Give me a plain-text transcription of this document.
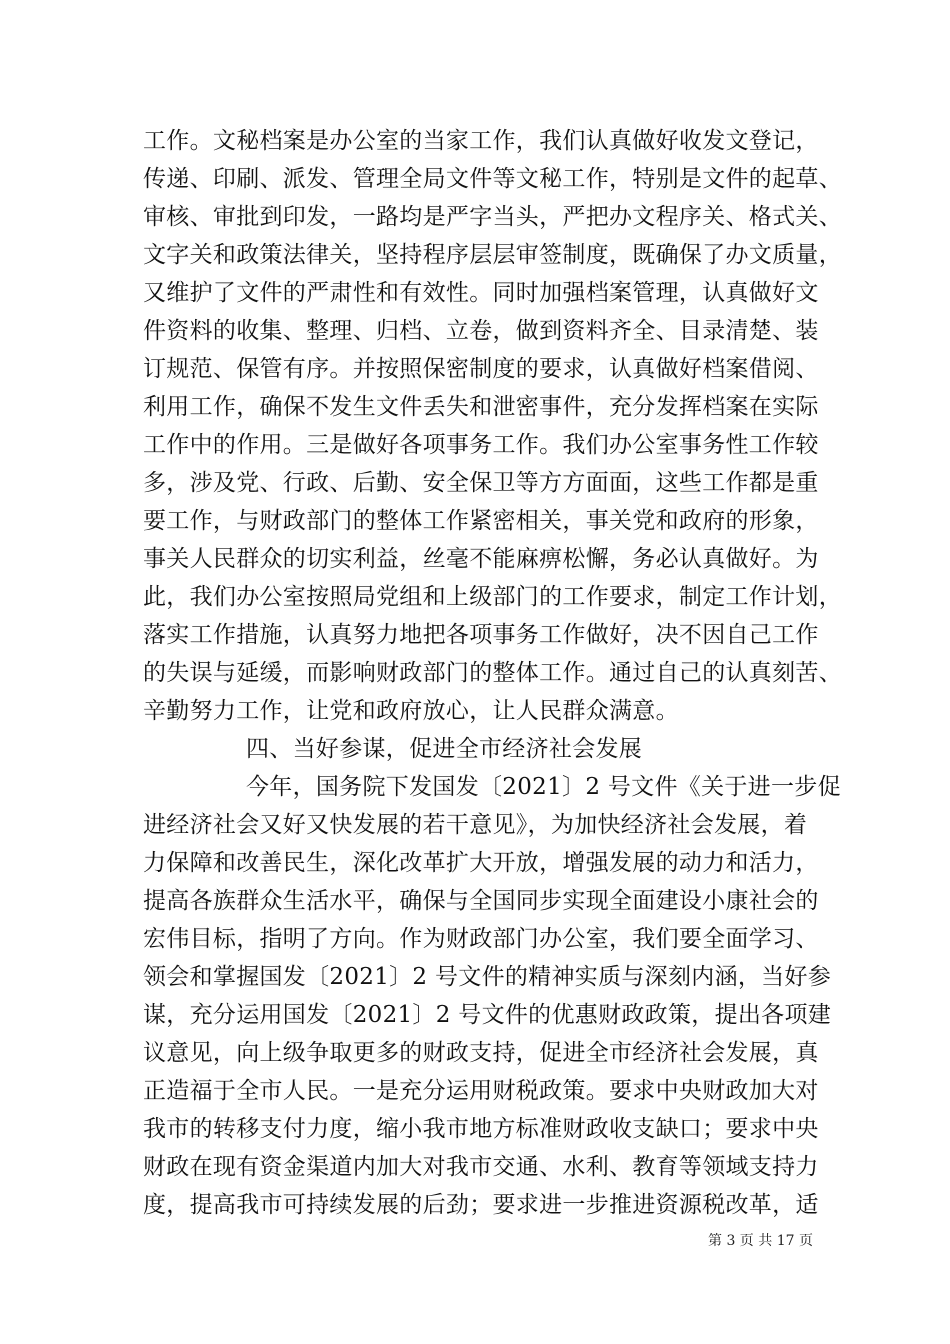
工作。文秘档案是办公室的当家工作，我们认真做好收发文登记，
传递、印刷、派发、管理全局文件等文秘工作，特别是文件的起草、
审核、审批到印发，一路均是严字当头，严把办文程序关、格式关、
文字关和政策法律关，坚持程序层层审签制度，既确保了办文质量，
又维护了文件的严肃性和有效性。同时加强档案管理，认真做好文
件资料的收集、整理、归档、立卷，做到资料齐全、目录清楚、装
订规范、保管有序。并按照保密制度的要求，认真做好档案借阅、
利用工作，确保不发生文件丢失和泄密事件，充分发挥档案在实际
工作中的作用。三是做好各项事务工作。我们办公室事务性工作较
多，涉及党、行政、后勤、安全保卫等方方面面，这些工作都是重
要工作，与财政部门的整体工作紧密相关，事关党和政府的形象，
事关人民群众的切实利益，丝毫不能麻痹松懈，务必认真做好。为
此，我们办公室按照局党组和上级部门的工作要求，制定工作计划，
落实工作措施，认真努力地把各项事务工作做好，决不因自己工作
的失误与延缓，而影响财政部门的整体工作。通过自己的认真刻苦、
辛勤努力工作，让党和政府放心，让人民群众满意。
四、当好参谋，促进全市经济社会发展
今年，国务院下发国发〔2021〕2 号文件《关于进一步促
进经济社会又好又快发展的若干意见》，为加快经济社会发展，着
力保障和改善民生，深化改革扩大开放，增强发展的动力和活力，
提高各族群众生活水平，确保与全国同步实现全面建设小康社会的
宏伟目标，指明了方向。作为财政部门办公室，我们要全面学习、
领会和掌握国发〔2021〕2 号文件的精神实质与深刻内涵，当好参
谋，充分运用国发〔2021〕2 号文件的优惠财政政策，提出各项建
议意见，向上级争取更多的财政支持，促进全市经济社会发展，真
正造福于全市人民。一是充分运用财税政策。要求中央财政加大对
我市的转移支付力度，缩小我市地方标准财政收支缺口；要求中央
财政在现有资金渠道内加大对我市交通、水利、教育等领域支持力
度，提高我市可持续发展的后劲；要求进一步推进资源税改革，适
第 3 页 共 17 页
